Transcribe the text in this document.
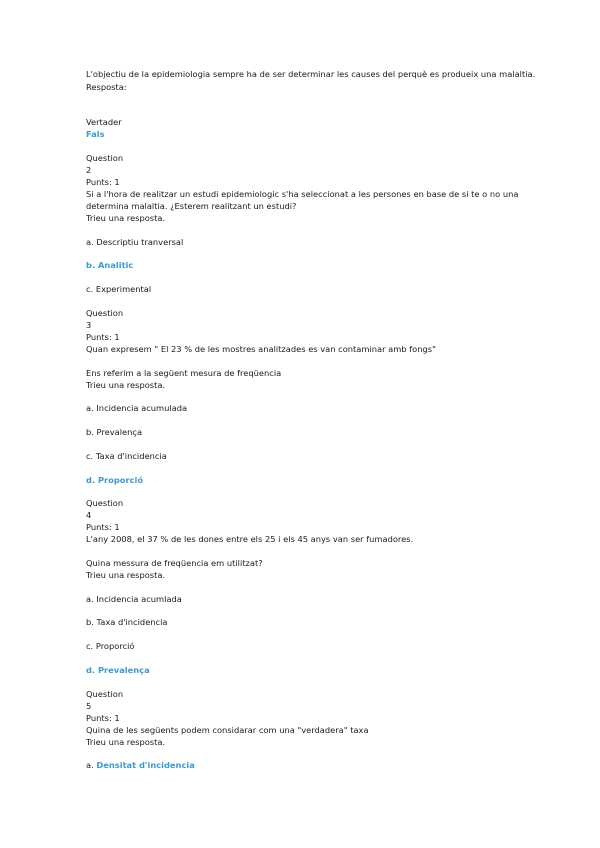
L'objectiu de la epidemiologia sempre ha de ser determinar les causes del perquè es produeix una malaltia.
Resposta:
Vertader
Fals
Question
2
Punts: 1
Si a l'hora de realitzar un estudi epidemiologic s'ha seleccionat a les persones en base de si te o no una
determina malaltia. ¿Esterem realitzant un estudi?
Trieu una resposta.
a. Descriptiu tranversal
b. Analitic
c. Experimental
Question
3
Punts: 1
Quan expresem " El 23 % de les mostres analitzades es van contaminar amb fongs"
Ens referim a la següent mesura de freqüencia
Trieu una resposta.
a. Incidencia acumulada
b. Prevalença
c. Taxa d'incidencia
d. Proporció
Question
4
Punts: 1
L'any 2008, el 37 % de les dones entre els 25 i els 45 anys van ser fumadores.
Quina messura de freqüencia em utilitzat?
Trieu una resposta.
a. Incidencia acumlada
b. Taxa d'incidencia
c. Proporció
d. Prevalença
Question
5
Punts: 1
Quina de les següents podem considarar com una "verdadera" taxa
Trieu una resposta.
a. Densitat d'incidencia
